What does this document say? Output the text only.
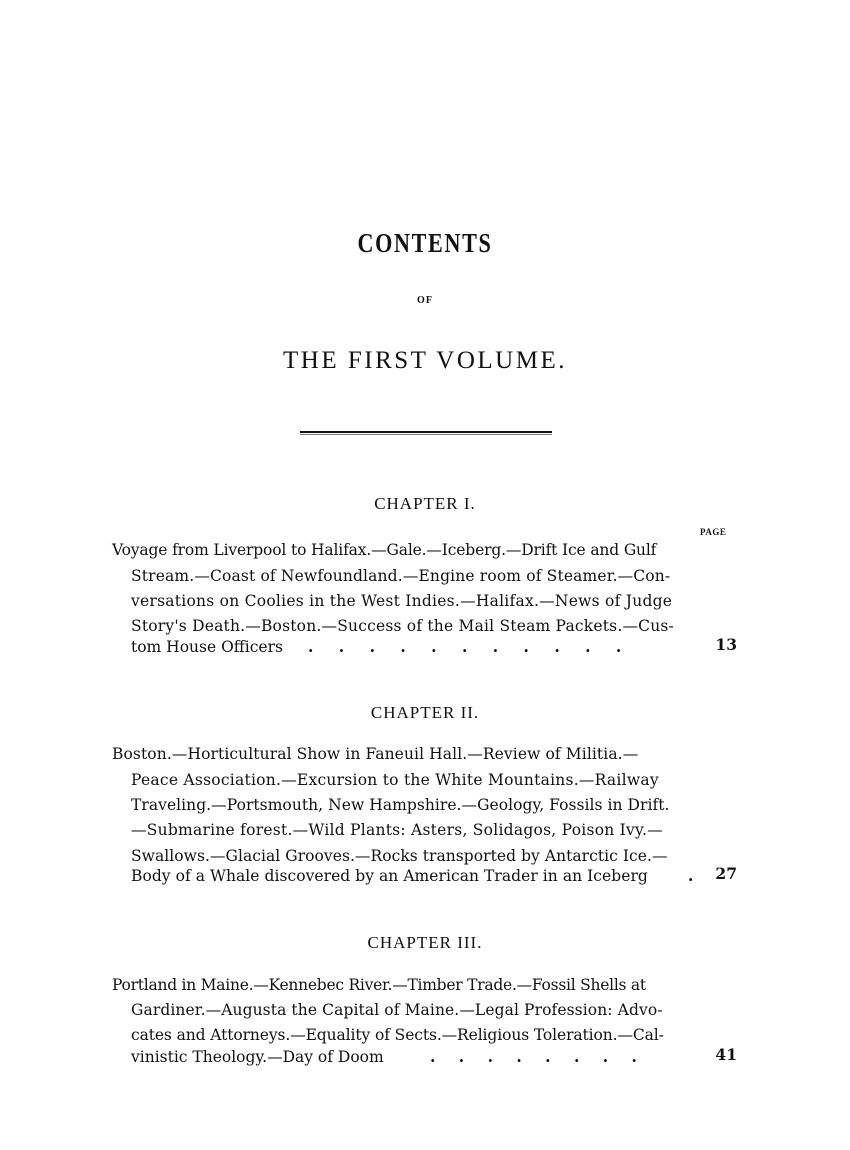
CONTENTS
OF
THE FIRST VOLUME.
PAGE
CHAPTER I.
Voyage from Liverpool to Halifax.—Gale.—Iceberg.—Drift Ice and Gulf
Stream.—Coast of Newfoundland.—Engine room of Steamer.—Con-
versations on Coolies in the West Indies.—Halifax.—News of Judge
Story's Death.—Boston.—Success of the Mail Steam Packets.—Cus-
tom House Officers . . . . . . . . . . .	13
CHAPTER II.
Boston.—Horticultural Show in Faneuil Hall.—Review of Militia.—
Peace Association.—Excursion to the White Mountains.—Railway
Traveling.—Portsmouth, New Hampshire.—Geology, Fossils in Drift.
—Submarine forest.—Wild Plants: Asters, Solidagos, Poison Ivy.—
Swallows.—Glacial Grooves.—Rocks transported by Antarctic Ice.—
Body of a Whale discovered by an American Trader in an Iceberg	.	27
CHAPTER III.
Portland in Maine.—Kennebec River.—Timber Trade.—Fossil Shells at
Gardiner.—Augusta the Capital of Maine.—Legal Profession: Advo-
cates and Attorneys.—Equality of Sects.—Religious Toleration.—Cal-
vinistic Theology.—Day of Doom	. . . . . . . .	41
